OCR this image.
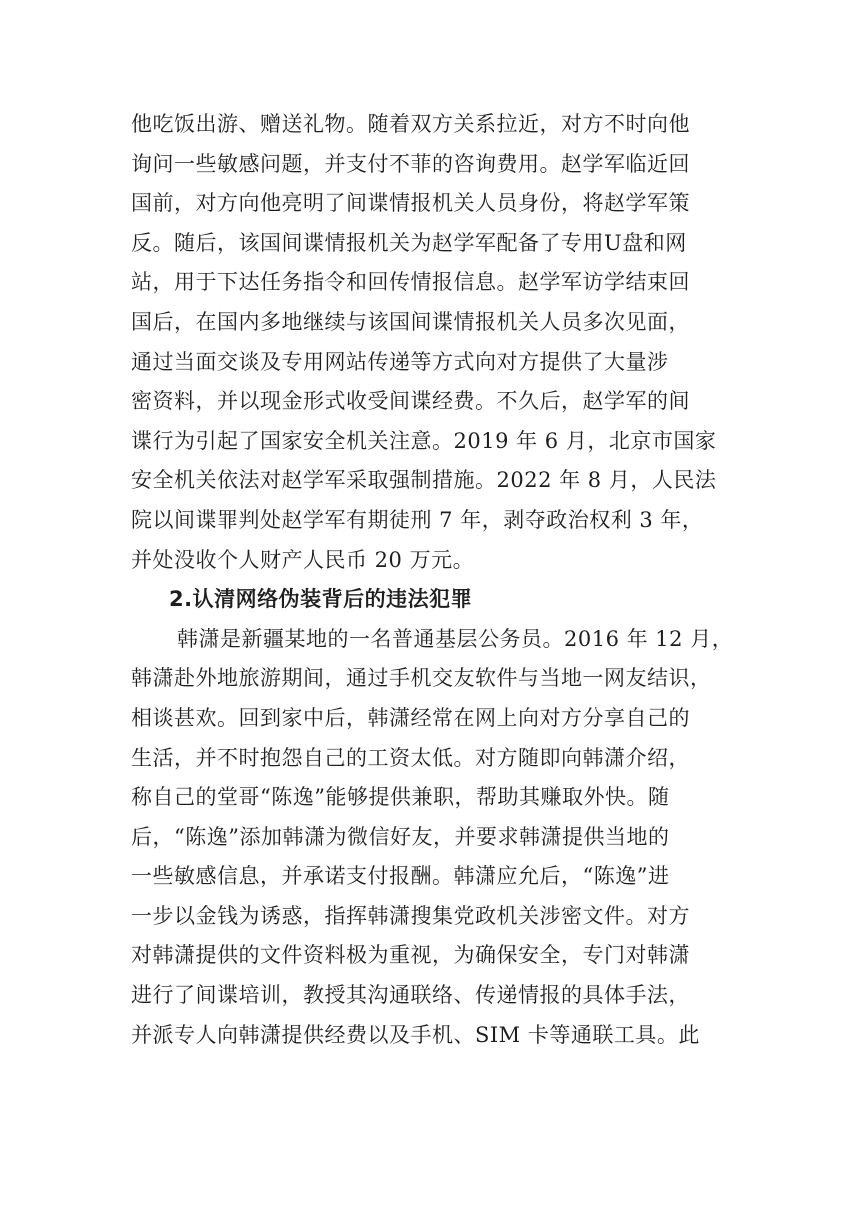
他吃饭出游、赠送礼物。随着双方关系拉近，对方不时向他
询问一些敏感问题，并支付不菲的咨询费用。赵学军临近回
国前，对方向他亮明了间谍情报机关人员身份，将赵学军策
反。随后，该国间谍情报机关为赵学军配备了专用U盘和网
站，用于下达任务指令和回传情报信息。赵学军访学结束回
国后，在国内多地继续与该国间谍情报机关人员多次见面，
通过当面交谈及专用网站传递等方式向对方提供了大量涉
密资料，并以现金形式收受间谍经费。不久后，赵学军的间
谍行为引起了国家安全机关注意。2019 年 6 月，北京市国家
安全机关依法对赵学军采取强制措施。2022 年 8 月，人民法
院以间谍罪判处赵学军有期徒刑 7 年，剥夺政治权利 3 年，
并处没收个人财产人民币 20 万元。
2.认清网络伪装背后的违法犯罪
韩潇是新疆某地的一名普通基层公务员。2016 年 12 月，
韩潇赴外地旅游期间，通过手机交友软件与当地一网友结识，
相谈甚欢。回到家中后，韩潇经常在网上向对方分享自己的
生活，并不时抱怨自己的工资太低。对方随即向韩潇介绍，
称自己的堂哥“陈逸”能够提供兼职，帮助其赚取外快。随
后，“陈逸”添加韩潇为微信好友，并要求韩潇提供当地的
一些敏感信息，并承诺支付报酬。韩潇应允后，“陈逸”进
一步以金钱为诱惑，指挥韩潇搜集党政机关涉密文件。对方
对韩潇提供的文件资料极为重视，为确保安全，专门对韩潇
进行了间谍培训，教授其沟通联络、传递情报的具体手法，
并派专人向韩潇提供经费以及手机、SIM 卡等通联工具。此
